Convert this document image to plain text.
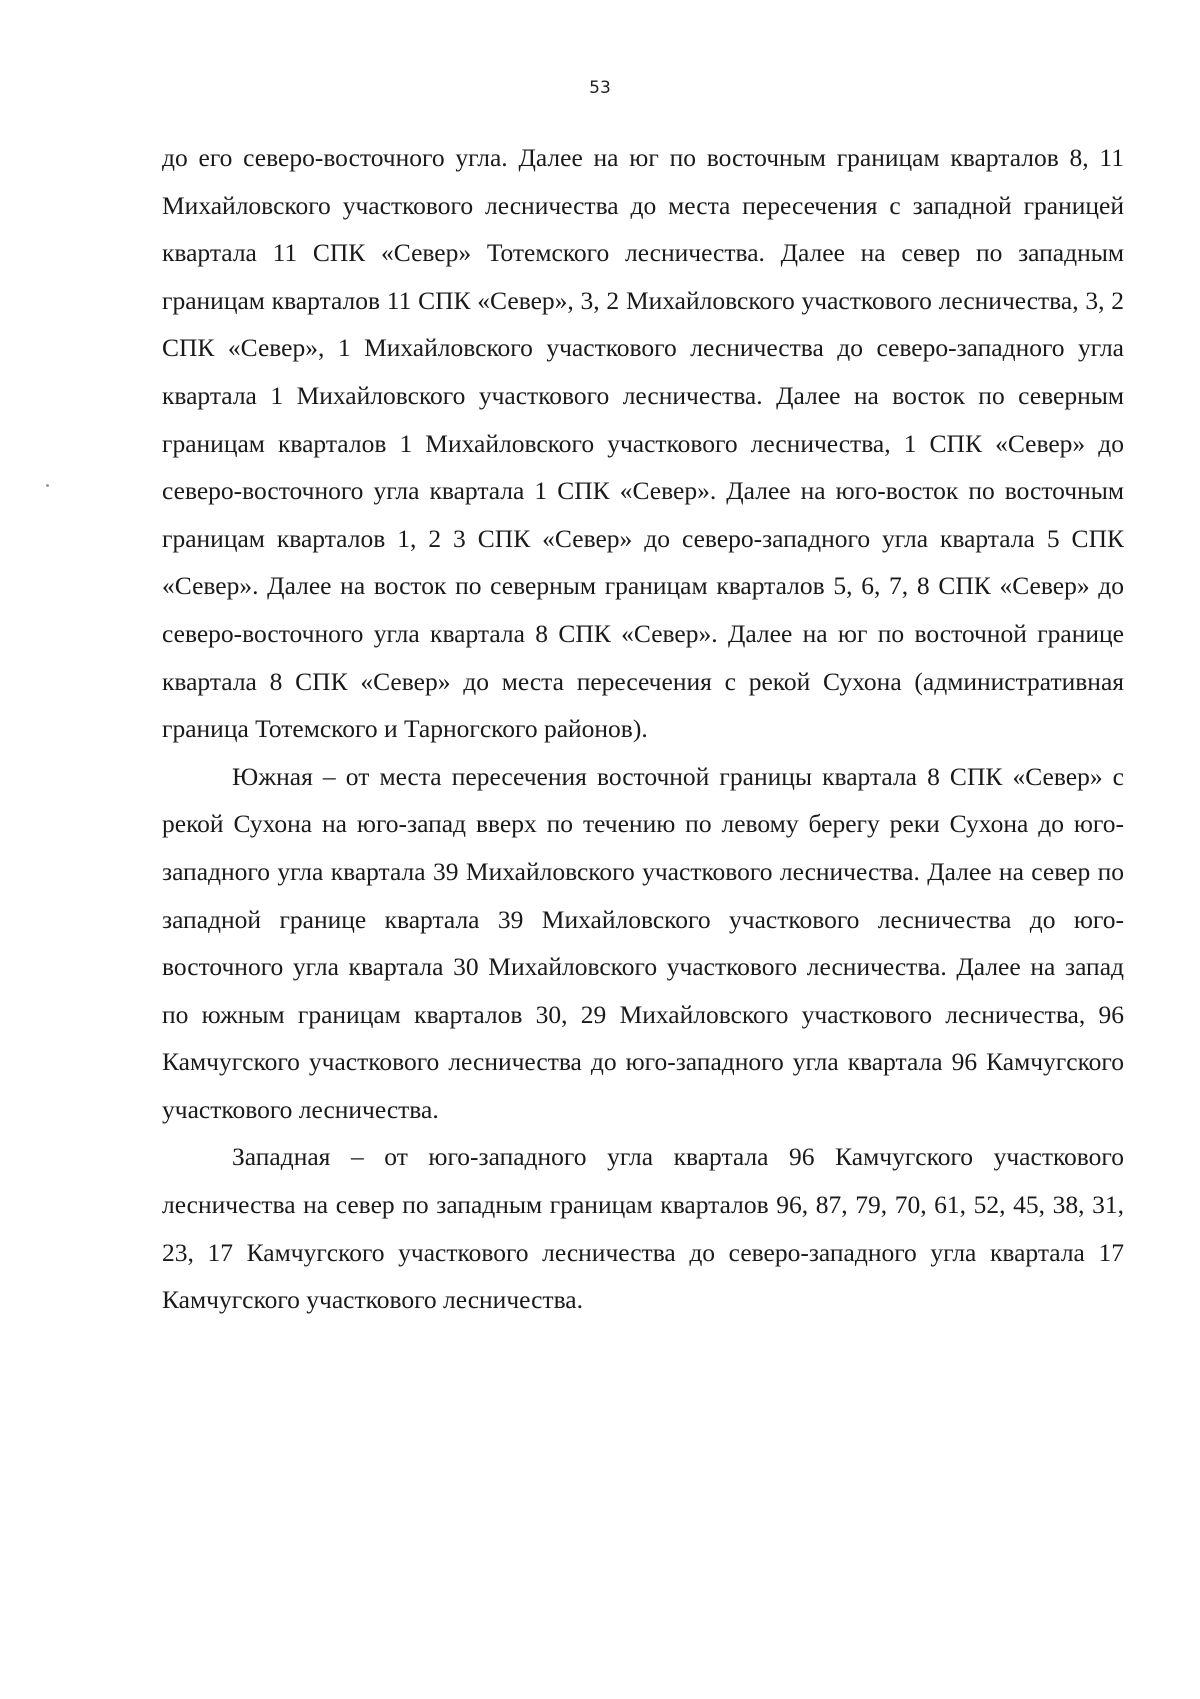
53

до его северо-восточного угла. Далее на юг по восточным границам кварталов 8, 11 Михайловского участкового лесничества до места пересечения с западной границей квартала 11 СПК «Север» Тотемского лесничества. Далее на север по западным границам кварталов 11 СПК «Север», 3, 2 Михайловского участкового лесничества, 3, 2 СПК «Север», 1 Михайловского участкового лесничества до северо-западного угла квартала 1 Михайловского участкового лесничества. Далее на восток по северным границам кварталов 1 Михайловского участкового лесничества, 1 СПК «Север» до северо-восточного угла квартала 1 СПК «Север». Далее на юго-восток по восточным границам кварталов 1, 2 3 СПК «Север» до северо-западного угла квартала 5 СПК «Север». Далее на восток по северным границам кварталов 5, 6, 7, 8 СПК «Север» до северо-восточного угла квартала 8 СПК «Север». Далее на юг по восточной границе квартала 8 СПК «Север» до места пересечения с рекой Сухона (административная граница Тотемского и Тарногского районов).

Южная – от места пересечения восточной границы квартала 8 СПК «Север» с рекой Сухона на юго-запад вверх по течению по левому берегу реки Сухона до юго-западного угла квартала 39 Михайловского участкового лесничества. Далее на север по западной границе квартала 39 Михайловского участкового лесничества до юго-восточного угла квартала 30 Михайловского участкового лесничества. Далее на запад по южным границам кварталов 30, 29 Михайловского участкового лесничества, 96 Камчугского участкового лесничества до юго-западного угла квартала 96 Камчугского участкового лесничества.

Западная – от юго-западного угла квартала 96 Камчугского участкового лесничества на север по западным границам кварталов 96, 87, 79, 70, 61, 52, 45, 38, 31, 23, 17 Камчугского участкового лесничества до северо-западного угла квартала 17 Камчугского участкового лесничества.
